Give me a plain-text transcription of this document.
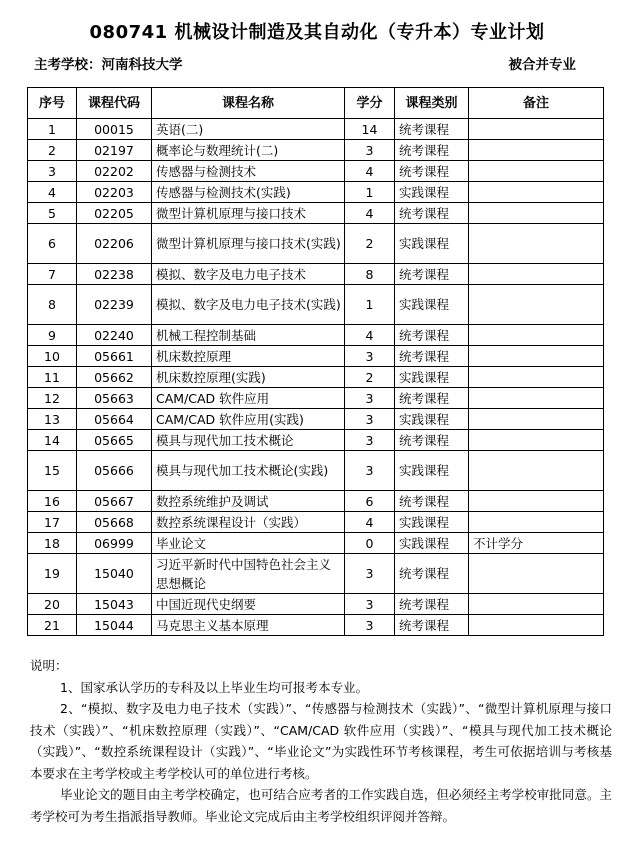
080741 机械设计制造及其自动化（专升本）专业计划
主考学校：河南科技大学	被合并专业
序号	课程代码	课程名称	学分	课程类别	备注
1	00015	英语(二)	14	统考课程	
2	02197	概率论与数理统计(二)	3	统考课程	
3	02202	传感器与检测技术	4	统考课程	
4	02203	传感器与检测技术(实践)	1	实践课程	
5	02205	微型计算机原理与接口技术	4	统考课程	
6	02206	微型计算机原理与接口技术(实践)	2	实践课程	
7	02238	模拟、数字及电力电子技术	8	统考课程	
8	02239	模拟、数字及电力电子技术(实践)	1	实践课程	
9	02240	机械工程控制基础	4	统考课程	
10	05661	机床数控原理	3	统考课程	
11	05662	机床数控原理(实践)	2	实践课程	
12	05663	CAM/CAD 软件应用	3	统考课程	
13	05664	CAM/CAD 软件应用(实践)	3	实践课程	
14	05665	模具与现代加工技术概论	3	统考课程	
15	05666	模具与现代加工技术概论(实践)	3	实践课程	
16	05667	数控系统维护及调试	6	统考课程	
17	05668	数控系统课程设计（实践）	4	实践课程	
18	06999	毕业论文	0	实践课程	不计学分
19	15040	习近平新时代中国特色社会主义思想概论	3	统考课程	
20	15043	中国近现代史纲要	3	统考课程	
21	15044	马克思主义基本原理	3	统考课程	

说明：

1、国家承认学历的专科及以上毕业生均可报考本专业。

2、“模拟、数字及电力电子技术（实践）”、“传感器与检测技术（实践）”、“微型计算机原理与接口技术（实践）”、“机床数控原理（实践）”、“CAM/CAD 软件应用（实践）”、“模具与现代加工技术概论（实践）”、“数控系统课程设计（实践）”、“毕业论文”为实践性环节考核课程，考生可依据培训与考核基本要求在主考学校或主考学校认可的单位进行考核。

毕业论文的题目由主考学校确定，也可结合应考者的工作实践自选，但必须经主考学校审批同意。主考学校可为考生指派指导教师。毕业论文完成后由主考学校组织评阅并答辩。
